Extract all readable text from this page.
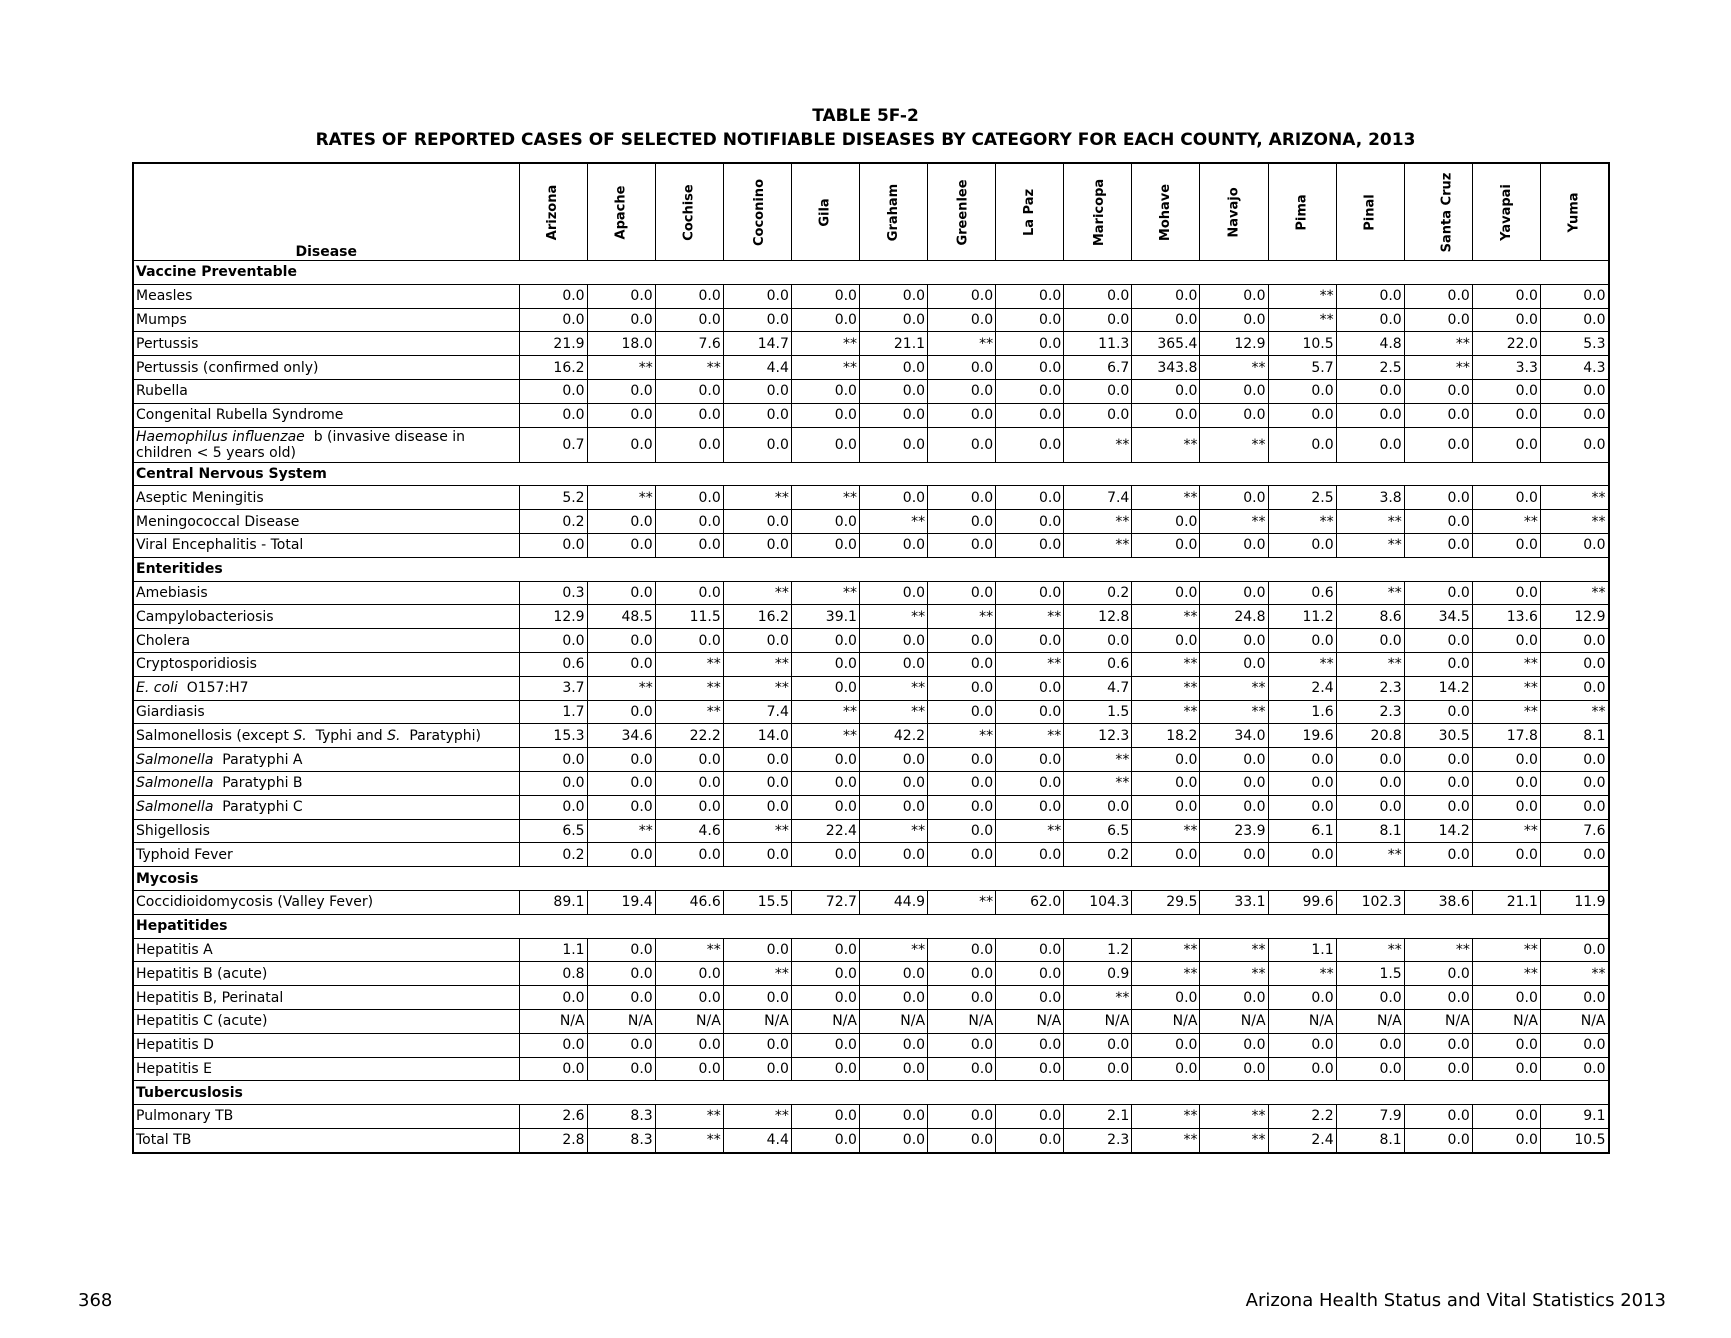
TABLE 5F-2
RATES OF REPORTED CASES OF SELECTED NOTIFIABLE DISEASES BY CATEGORY FOR EACH COUNTY, ARIZONA, 2013
Disease	Arizona	Apache	Cochise	Coconino	Gila	Graham	Greenlee	La Paz	Maricopa	Mohave	Navajo	Pima	Pinal	Santa Cruz	Yavapai	Yuma
Vaccine Preventable																
Measles	0.0	0.0	0.0	0.0	0.0	0.0	0.0	0.0	0.0	0.0	0.0	**	0.0	0.0	0.0	0.0
Mumps	0.0	0.0	0.0	0.0	0.0	0.0	0.0	0.0	0.0	0.0	0.0	**	0.0	0.0	0.0	0.0
Pertussis	21.9	18.0	7.6	14.7	**	21.1	**	0.0	11.3	365.4	12.9	10.5	4.8	**	22.0	5.3
Pertussis (confirmed only)	16.2	**	**	4.4	**	0.0	0.0	0.0	6.7	343.8	**	5.7	2.5	**	3.3	4.3
Rubella	0.0	0.0	0.0	0.0	0.0	0.0	0.0	0.0	0.0	0.0	0.0	0.0	0.0	0.0	0.0	0.0
Congenital Rubella Syndrome	0.0	0.0	0.0	0.0	0.0	0.0	0.0	0.0	0.0	0.0	0.0	0.0	0.0	0.0	0.0	0.0
Haemophilus influenzae  b (invasive disease in children < 5 years old)	0.7	0.0	0.0	0.0	0.0	0.0	0.0	0.0	**	**	**	0.0	0.0	0.0	0.0	0.0
Central Nervous System																
Aseptic Meningitis	5.2	**	0.0	**	**	0.0	0.0	0.0	7.4	**	0.0	2.5	3.8	0.0	0.0	**
Meningococcal Disease	0.2	0.0	0.0	0.0	0.0	**	0.0	0.0	**	0.0	**	**	**	0.0	**	**
Viral Encephalitis - Total	0.0	0.0	0.0	0.0	0.0	0.0	0.0	0.0	**	0.0	0.0	0.0	**	0.0	0.0	0.0
Enteritides																
Amebiasis	0.3	0.0	0.0	**	**	0.0	0.0	0.0	0.2	0.0	0.0	0.6	**	0.0	0.0	**
Campylobacteriosis	12.9	48.5	11.5	16.2	39.1	**	**	**	12.8	**	24.8	11.2	8.6	34.5	13.6	12.9
Cholera	0.0	0.0	0.0	0.0	0.0	0.0	0.0	0.0	0.0	0.0	0.0	0.0	0.0	0.0	0.0	0.0
Cryptosporidiosis	0.6	0.0	**	**	0.0	0.0	0.0	**	0.6	**	0.0	**	**	0.0	**	0.0
E. coli  O157:H7	3.7	**	**	**	0.0	**	0.0	0.0	4.7	**	**	2.4	2.3	14.2	**	0.0
Giardiasis	1.7	0.0	**	7.4	**	**	0.0	0.0	1.5	**	**	1.6	2.3	0.0	**	**
Salmonellosis (except S.  Typhi and S.  Paratyphi)	15.3	34.6	22.2	14.0	**	42.2	**	**	12.3	18.2	34.0	19.6	20.8	30.5	17.8	8.1
Salmonella  Paratyphi A	0.0	0.0	0.0	0.0	0.0	0.0	0.0	0.0	**	0.0	0.0	0.0	0.0	0.0	0.0	0.0
Salmonella  Paratyphi B	0.0	0.0	0.0	0.0	0.0	0.0	0.0	0.0	**	0.0	0.0	0.0	0.0	0.0	0.0	0.0
Salmonella  Paratyphi C	0.0	0.0	0.0	0.0	0.0	0.0	0.0	0.0	0.0	0.0	0.0	0.0	0.0	0.0	0.0	0.0
Shigellosis	6.5	**	4.6	**	22.4	**	0.0	**	6.5	**	23.9	6.1	8.1	14.2	**	7.6
Typhoid Fever	0.2	0.0	0.0	0.0	0.0	0.0	0.0	0.0	0.2	0.0	0.0	0.0	**	0.0	0.0	0.0
Mycosis																
Coccidioidomycosis (Valley Fever)	89.1	19.4	46.6	15.5	72.7	44.9	**	62.0	104.3	29.5	33.1	99.6	102.3	38.6	21.1	11.9
Hepatitides																
Hepatitis A	1.1	0.0	**	0.0	0.0	**	0.0	0.0	1.2	**	**	1.1	**	**	**	0.0
Hepatitis B (acute)	0.8	0.0	0.0	**	0.0	0.0	0.0	0.0	0.9	**	**	**	1.5	0.0	**	**
Hepatitis B, Perinatal	0.0	0.0	0.0	0.0	0.0	0.0	0.0	0.0	**	0.0	0.0	0.0	0.0	0.0	0.0	0.0
Hepatitis C (acute)	N/A	N/A	N/A	N/A	N/A	N/A	N/A	N/A	N/A	N/A	N/A	N/A	N/A	N/A	N/A	N/A
Hepatitis D	0.0	0.0	0.0	0.0	0.0	0.0	0.0	0.0	0.0	0.0	0.0	0.0	0.0	0.0	0.0	0.0
Hepatitis E	0.0	0.0	0.0	0.0	0.0	0.0	0.0	0.0	0.0	0.0	0.0	0.0	0.0	0.0	0.0	0.0
Tubercuslosis																
Pulmonary TB	2.6	8.3	**	**	0.0	0.0	0.0	0.0	2.1	**	**	2.2	7.9	0.0	0.0	9.1
Total TB	2.8	8.3	**	4.4	0.0	0.0	0.0	0.0	2.3	**	**	2.4	8.1	0.0	0.0	10.5
368	Arizona Health Status and Vital Statistics 2013
